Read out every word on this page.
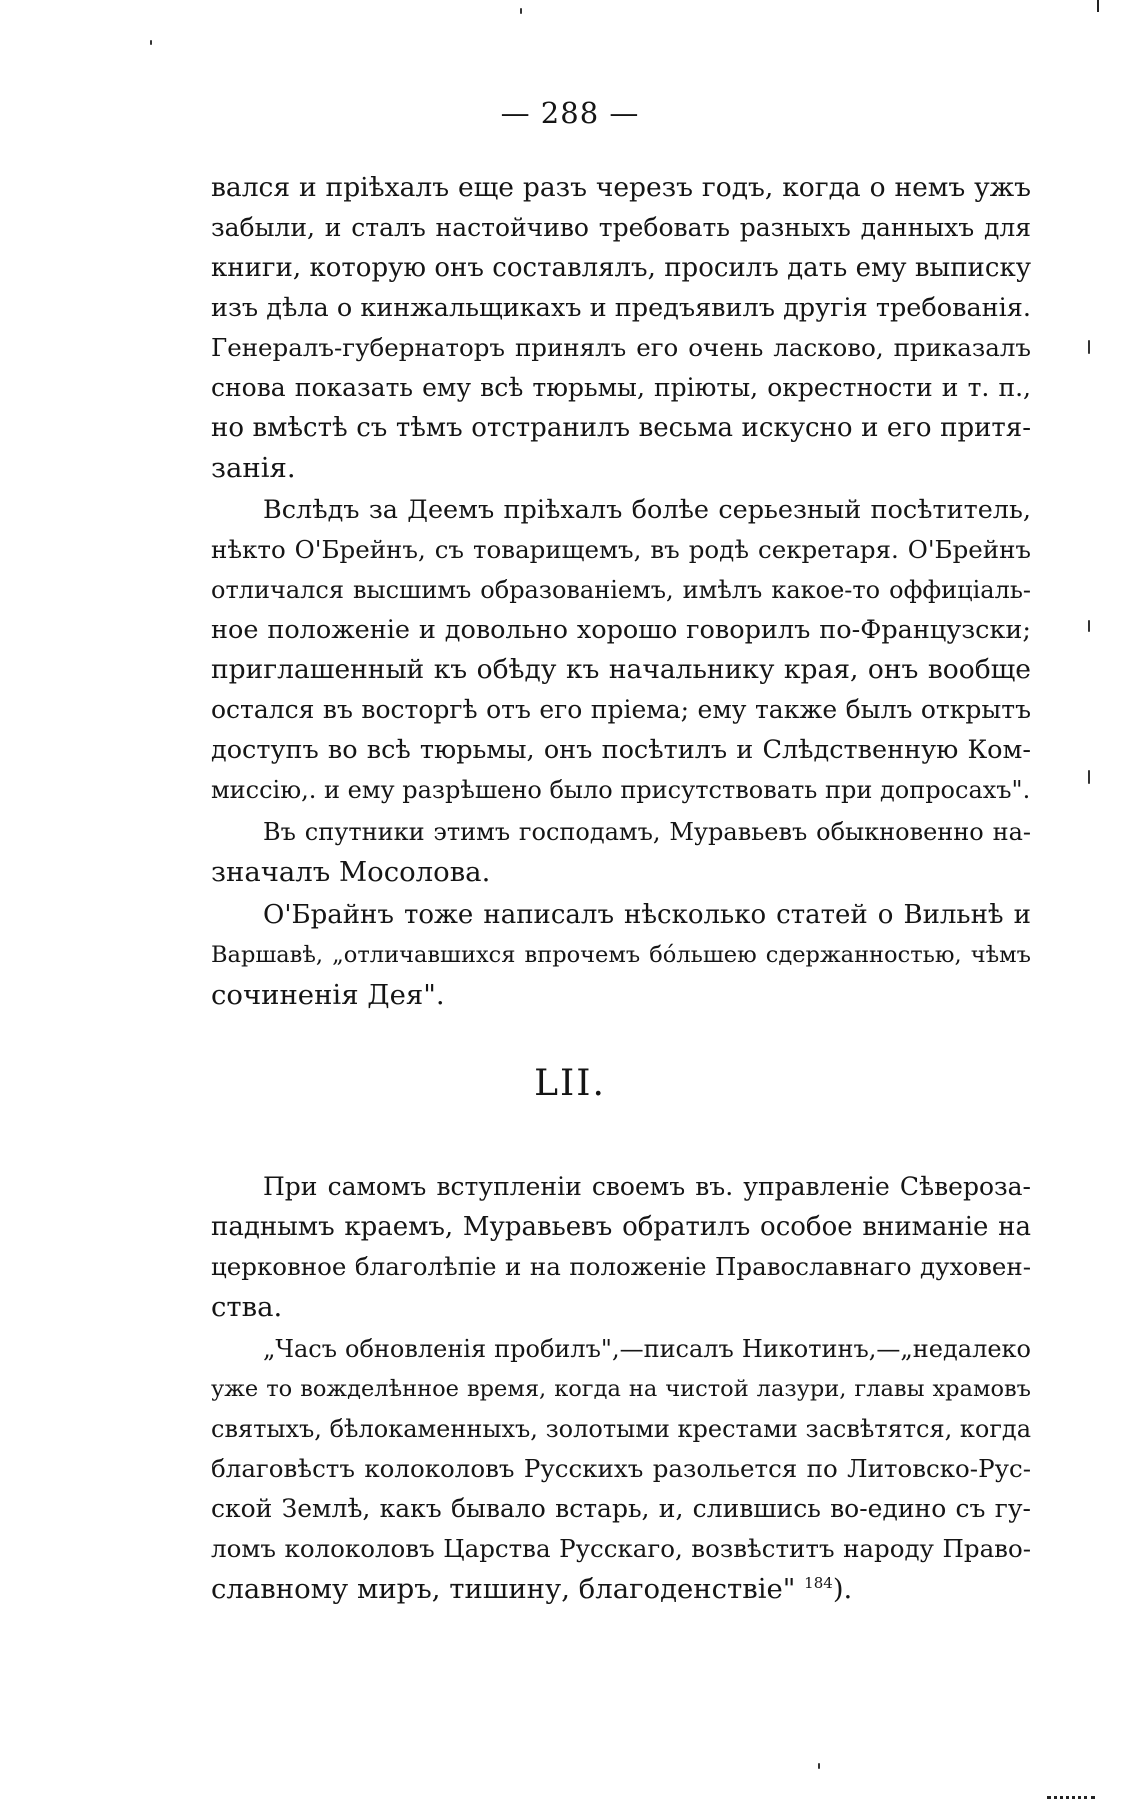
— 288 —

вался и пріѣхалъ еще разъ черезъ годъ, когда о немъ ужъ
забыли, и сталъ настойчиво требовать разныхъ данныхъ для
книги, которую онъ составлялъ, просилъ дать ему выписку
изъ дѣла о кинжальщикахъ и предъявилъ другія требованія.
Генералъ-губернаторъ принялъ его очень ласково, приказалъ
снова показать ему всѣ тюрьмы, пріюты, окрестности и т. п.,
но вмѣстѣ съ тѣмъ отстранилъ весьма искусно и его притя-
занія.

Вслѣдъ за Деемъ пріѣхалъ болѣе серьезный посѣтитель,
нѣкто О'Брейнъ, съ товарищемъ, въ родѣ секретаря. О'Брейнъ
отличался высшимъ образованіемъ, имѣлъ какое-то оффиціаль-
ное положеніе и довольно хорошо говорилъ по-Французски;
приглашенный къ обѣду къ начальнику края, онъ вообще
остался въ восторгѣ отъ его пріема; ему также былъ открытъ
доступъ во всѣ тюрьмы, онъ посѣтилъ и Слѣдственную Ком-
миссію,. и ему разрѣшено было присутствовать при допросахъ".

Въ спутники этимъ господамъ, Муравьевъ обыкновенно на-
значалъ Мосолова.

О'Брайнъ тоже написалъ нѣсколько статей о Вильнѣ и
Варшавѣ, „отличавшихся впрочемъ бо́льшею сдержанностью, чѣмъ
сочиненія Дея".

LII.

При самомъ вступленіи своемъ въ. управленіе Сѣвероза-
паднымъ краемъ, Муравьевъ обратилъ особое вниманіе на
церковное благолѣпіе и на положеніе Православнаго духовен-
ства.

„Часъ обновленія пробилъ",—писалъ Никотинъ,—„недалеко
уже то вожделѣнное время, когда на чистой лазури, главы храмовъ
святыхъ, бѣлокаменныхъ, золотыми крестами засвѣтятся, когда
благовѣстъ колоколовъ Русскихъ разольется по Литовско-Рус-
ской Землѣ, какъ бывало встарь, и, слившись во-едино съ гу-
ломъ колоколовъ Царства Русскаго, возвѣститъ народу Право-
славному миръ, тишину, благоденствіе" $^{184}$).
